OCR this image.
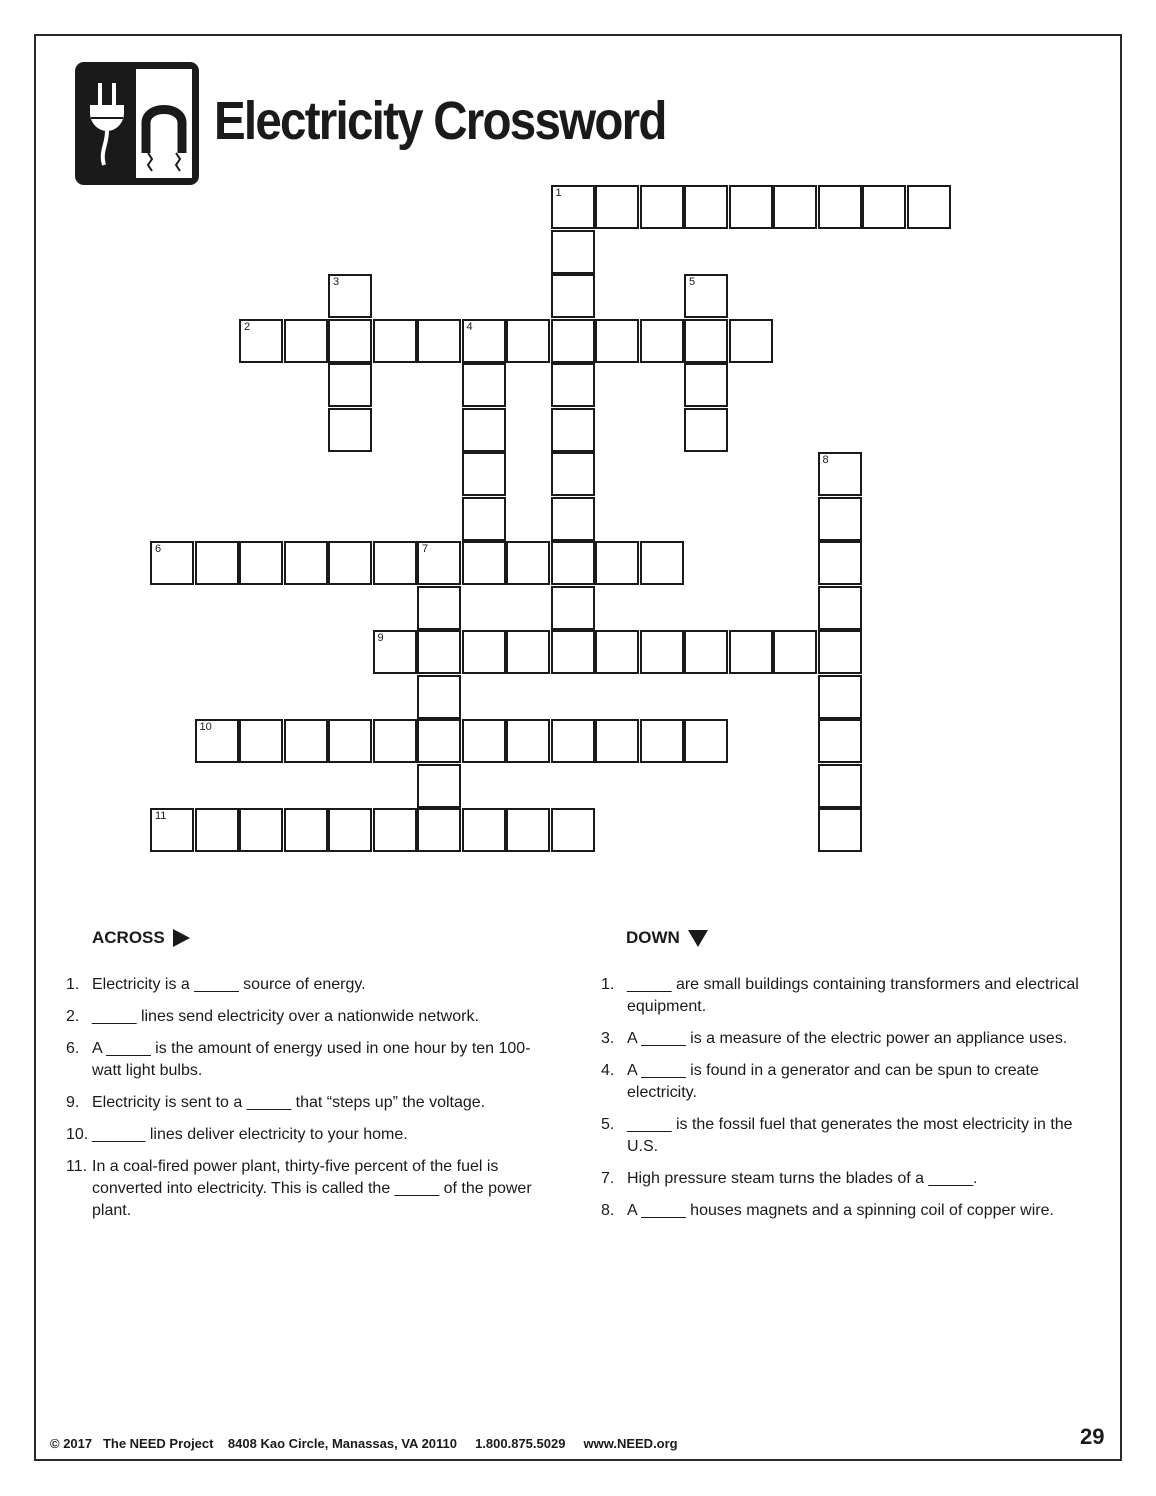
Electricity Crossword
1
2	4
6	7
9
10
11
3	5
8
ACROSS
1. Electricity is a _____ source of energy.
2. _____ lines send electricity over a nationwide network.
6. A _____ is the amount of energy used in one hour by ten 100-watt light bulbs.
9. Electricity is sent to a _____ that “steps up” the voltage.
10. ______ lines deliver electricity to your home.
11. In a coal-fired power plant, thirty-five percent of the fuel is converted into electricity. This is called the _____ of the power plant.
DOWN
1. _____ are small buildings containing transformers and electrical equipment.
3. A _____ is a measure of the electric power an appliance uses.
4. A _____ is found in a generator and can be spun to create electricity.
5. _____ is the fossil fuel that generates the most electricity in the U.S.
7. High pressure steam turns the blades of a _____.
8. A _____ houses magnets and a spinning coil of copper wire.
© 2017   The NEED Project    8408 Kao Circle, Manassas, VA 20110     1.800.875.5029     www.NEED.org	29
